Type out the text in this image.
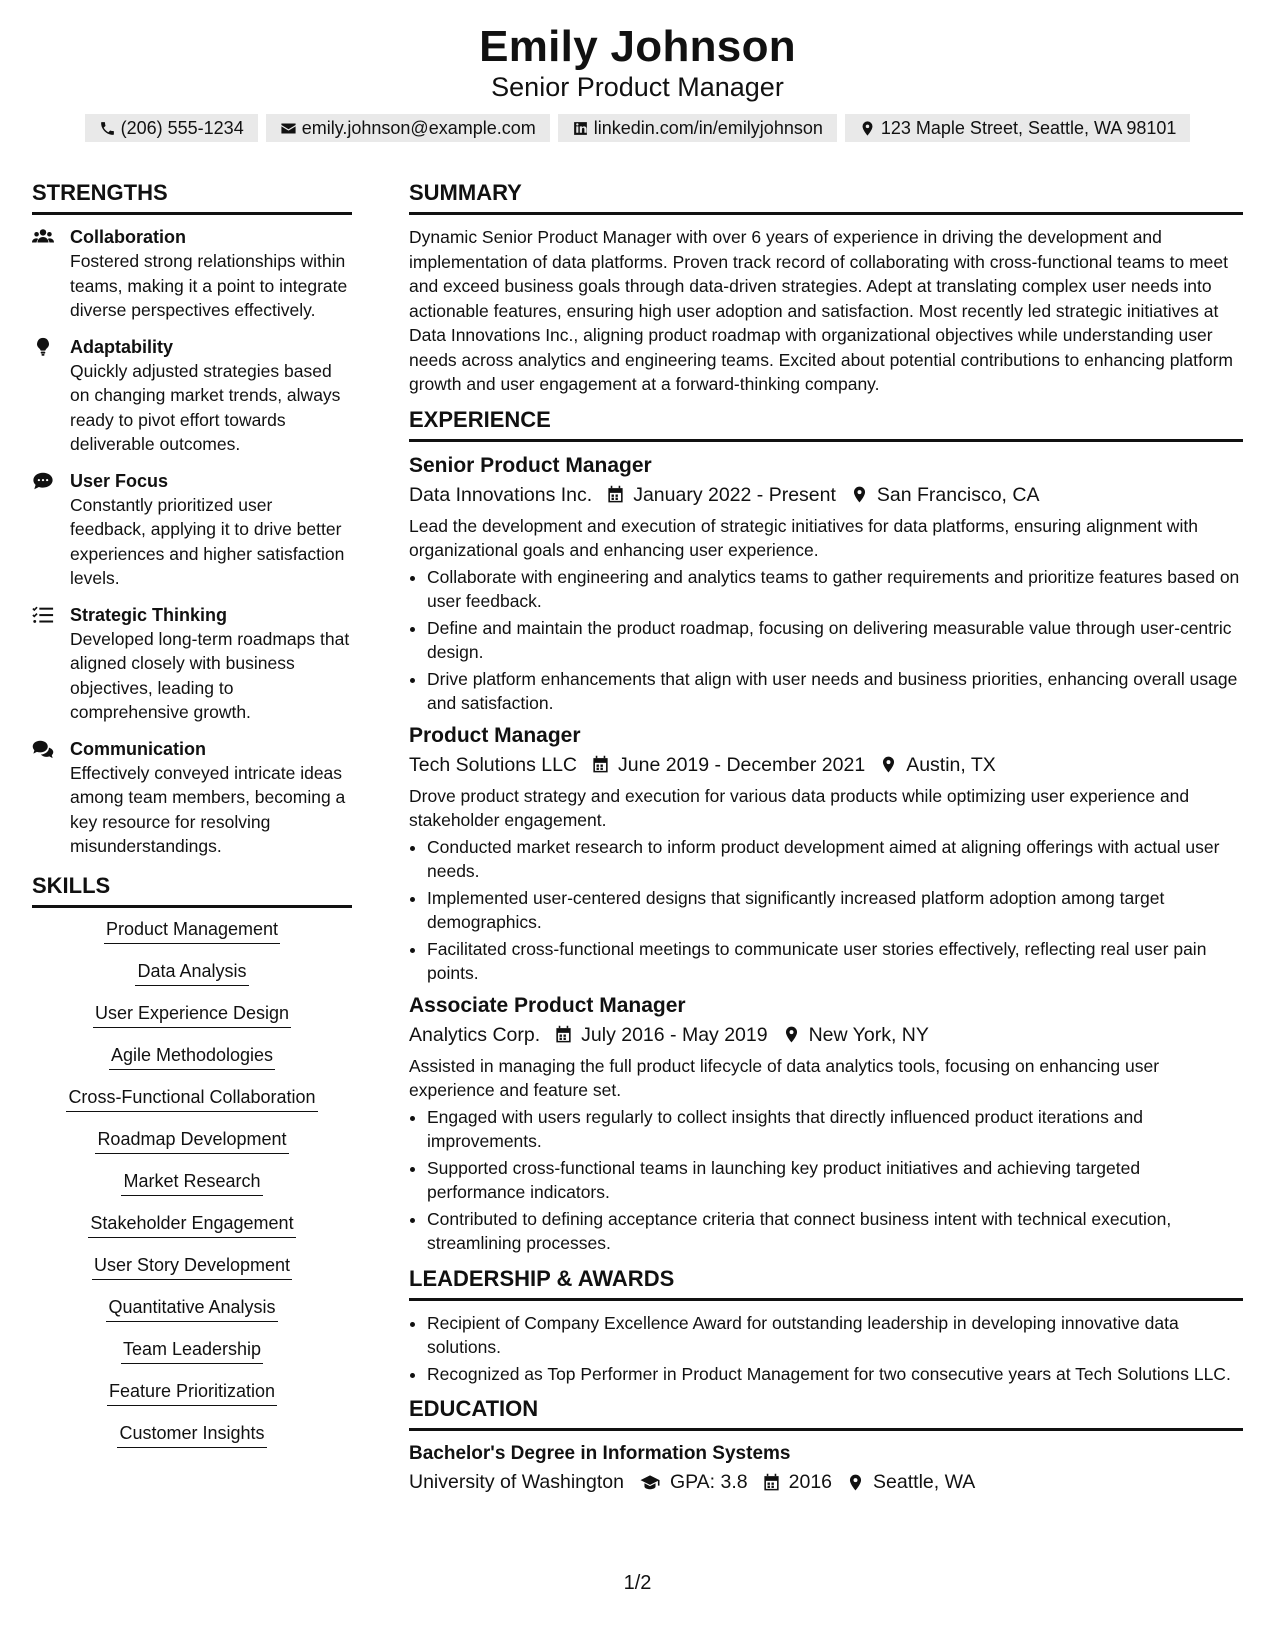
Emily Johnson
Senior Product Manager
(206) 555-1234	emily.johnson@example.com	linkedin.com/in/emilyjohnson	123 Maple Street, Seattle, WA 98101
STRENGTHS
Collaboration
Fostered strong relationships within teams, making it a point to integrate diverse perspectives effectively.
Adaptability
Quickly adjusted strategies based on changing market trends, always ready to pivot effort towards deliverable outcomes.
User Focus
Constantly prioritized user feedback, applying it to drive better experiences and higher satisfaction levels.
Strategic Thinking
Developed long-term roadmaps that aligned closely with business objectives, leading to comprehensive growth.
Communication
Effectively conveyed intricate ideas among team members, becoming a key resource for resolving misunderstandings.
SKILLS
Product Management
Data Analysis
User Experience Design
Agile Methodologies
Cross-Functional Collaboration
Roadmap Development
Market Research
Stakeholder Engagement
User Story Development
Quantitative Analysis
Team Leadership
Feature Prioritization
Customer Insights
SUMMARY
Dynamic Senior Product Manager with over 6 years of experience in driving the development and implementation of data platforms. Proven track record of collaborating with cross-functional teams to meet and exceed business goals through data-driven strategies. Adept at translating complex user needs into actionable features, ensuring high user adoption and satisfaction. Most recently led strategic initiatives at Data Innovations Inc., aligning product roadmap with organizational objectives while understanding user needs across analytics and engineering teams. Excited about potential contributions to enhancing platform growth and user engagement at a forward-thinking company.
EXPERIENCE
Senior Product Manager
Data Innovations Inc. January 2022 - Present San Francisco, CA
Lead the development and execution of strategic initiatives for data platforms, ensuring alignment with organizational goals and enhancing user experience.
• Collaborate with engineering and analytics teams to gather requirements and prioritize features based on user feedback.
• Define and maintain the product roadmap, focusing on delivering measurable value through user-centric design.
• Drive platform enhancements that align with user needs and business priorities, enhancing overall usage and satisfaction.
Product Manager
Tech Solutions LLC June 2019 - December 2021 Austin, TX
Drove product strategy and execution for various data products while optimizing user experience and stakeholder engagement.
• Conducted market research to inform product development aimed at aligning offerings with actual user needs.
• Implemented user-centered designs that significantly increased platform adoption among target demographics.
• Facilitated cross-functional meetings to communicate user stories effectively, reflecting real user pain points.
Associate Product Manager
Analytics Corp. July 2016 - May 2019 New York, NY
Assisted in managing the full product lifecycle of data analytics tools, focusing on enhancing user experience and feature set.
• Engaged with users regularly to collect insights that directly influenced product iterations and improvements.
• Supported cross-functional teams in launching key product initiatives and achieving targeted performance indicators.
• Contributed to defining acceptance criteria that connect business intent with technical execution, streamlining processes.
LEADERSHIP & AWARDS
• Recipient of Company Excellence Award for outstanding leadership in developing innovative data solutions.
• Recognized as Top Performer in Product Management for two consecutive years at Tech Solutions LLC.
EDUCATION
Bachelor's Degree in Information Systems
University of Washington GPA: 3.8 2016 Seattle, WA
1/2
